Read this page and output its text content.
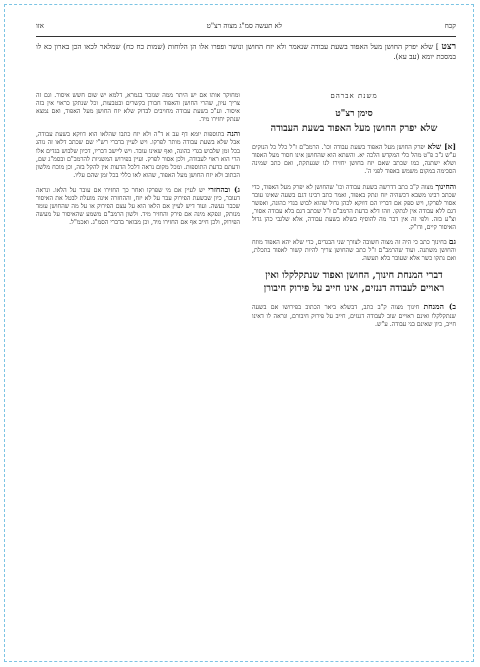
קכח
לא תעשה סמ"ג מצוה רצ"ט
אזו
רצט ] שלא יפרק החושן מעל האפוד בשעת עבודה שנאמר ולא יזח החושן ונושר ופפרו אלו הן הלוחות (שמות כח כח) שמלאר לכאו הכן בארון כא לו במסכת יומא (עב עא).
משנת אברהם
סימן רצ"ט
שלא יפרק החושן מעל האפוד בשעת העבודה
[א] שלא יפרק החושן מעל האפוד בשעת עבודה וכו'. הרמב"ם ז"ל כלל כל הנוקים ע"ש ג"כ פ"ט מהל כלי המקדש הלכה יא. והשתא הוא שהחושן אינו חסור מעל האפוד ושלא ישתנה, כמו שכתב שאם יזח בחושן יחזירו לנו שנעתקת, ואם כתב שמינה הסכימה במקום משמש באפוד לפני ה'.
והחינוך מצוה ק"ב כתב דדרשה בשעת עבודה וכו' שהחושן לא יפרק מעל האפוד, כדי שכתב רבינו משבא דכשהיה יזח ונתק באפוד, ואמר כתב רבינו דגם בשעה שאינו עובד אסור לפרקו, ויש ספק אם דבריו הם דווקא לכהן גדול שהוא לבוש בגדי כהונה, ואפשר דגם ללא עבודה אין לנתקו. וזהו דלא כדעת הרמב"ם ז"ל שכתב דגם בלא עבודה אסור, וצ"ע בזה. ולפי זה אין דבר מה להוסיף בשלא בשעת עבודה, אלא שלגבי כהן גדול האיסור קיים, ודו"ק.
גם בחינוך כתב כי היה זה מצוה חשובה לצורך שני הבגדים, כדי שלא יהא האפוד מוזח והחושן משתנה. ועוד שהרמב"ם ז"ל כתב שהחושן צריך להיות קשור לאפוד בתכלת, ואם נתקו כשר אלא שעובר בלא תעשה.
דברי המנחת חינוך, החושן ואפוד שנתקלקלו ואין ראויים לעבודה דננזים, אינו חייב על פירוק חיבורן
ב) המנחת חינוך מצוה ק"ב כתב, דבשלא ביאר הכתוב בפירושו אם בשעה שנתקלקלו ואינם ראויים שוב לעבודה דגנזים, חייב על פירוק חיבורם, ונראה לו דאינו חייב, כיון שאינם בני עבודה. ע"ש.
ומחוקר אותו אם יש היתר ממה שנזכר בגמרא, דלמא יש שום חשש איסור. וגם זה צריך עיון, שהרי החושן והאפוד חבורן בקשרים ובטבעות, וכל שנתקן כראוי אין בזה איסור. וע"כ בשעת עבודה מחויבים לבדוק שלא יזח החושן מעל האפוד, ואם נמצא שנתק יחזירו מיד.
והנה בתוספות יומא דף עב א ד"ה ולא יזח כתבו שהלאו הוא דווקא בשעת עבודה, אבל שלא בשעת עבודה מותר לפרקו. ויש לעיין בדברי רש"י שם שכתב דלאו זה נוהג בכל זמן שלבוש בגדי כהונה, ואף שאינו עובד. ויש ליישב דבריו, דכיון שלבוש בגדים אלו הרי הוא ראוי לעבודה, ולכן אסור לפרק. ועיין בפירוש המשניות להרמב"ם ובסמ"ג שם, ודעתם כדעת התוספות. ומכל מקום נראה דלכל הדעות אין להקל בזה, וכן מוכח מלשון הכתוב ולא יזח החושן מעל האפוד, שהוא לאו כללי בכל זמן שהם עליו.
ג) ובהחזרי יש לעיין אם מי שפרקו ואחר כך החזירו אם עובר על הלאו. ונראה דעובר, כיון שבשעת הפירוק עבר על לא יזח, וההחזרה אינה מועלת לבטל את האיסור שכבר נעשה. ועוד דיש לעיין אם הלאו הוא על עצם הפירוק או על מה שהחושן עומד מנותק, ונפקא מינה אם פירק והחזיר מיד. ולשון הרמב"ם משמע שהאיסור על מעשה הפירוק, ולכן חייב אף אם החזירו מיד, וכן מבואר בדברי הסמ"ג. ואכמ"ל.
